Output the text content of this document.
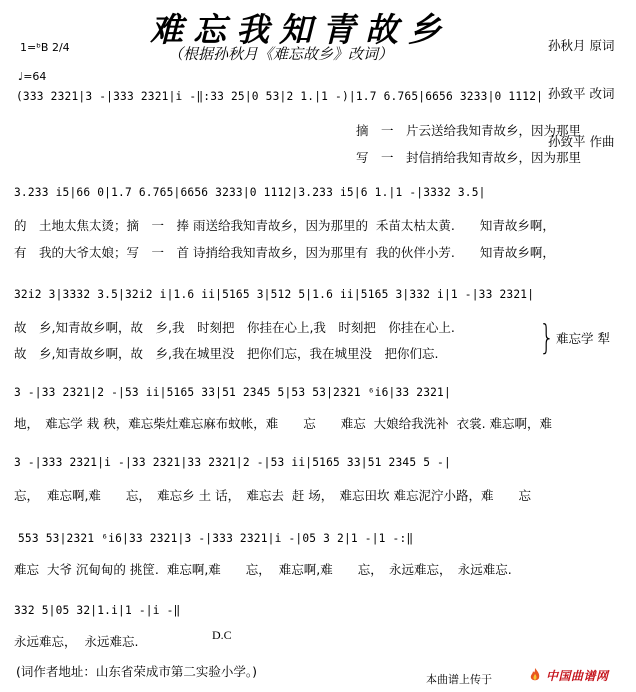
难忘我知青故乡
（根据孙秋月《难忘故乡》改词）

	孙秋月 原词

孙致平 改词

孙致平 作曲

1=ᵇB 2/4
♩=64
(333 2321|3 -|333 2321|i -‖:33 25|0 53|2 1.|1 -)|1.7 6.765|6656 3233|0 1112|
摘　一　片云送给我知青故乡，因为那里
写　一　封信捎给我知青故乡，因为那里
3.233 i5|66 0|1.7 6.765|6656 3233|0 1112|3.233 i5|6 1.|1 -|3332 3.5|
的　土地太焦太烫；摘　一　捧 雨送给我知青故乡，因为那里的  禾苗太枯太黄.　　知青故乡啊，
有　我的大爷太娘；写　一　首 诗捎给我知青故乡，因为那里有  我的伙伴小芳.　　知青故乡啊，
32i2 3|3332 3.5|32i2 i|1.6 ii|5165 3|512 5|1.6 ii|5165 3|332 i|1 -|33 2321|
故　乡,知青故乡啊，故　乡,我　时刻把　你挂在心上,我　时刻把　你挂在心上.
故　乡,知青故乡啊，故　乡,我在城里没　把你们忘，我在城里没　把你们忘.	} 难忘学 犁
3 -|33 2321|2 -|53 ii|5165 33|51 2345 5|53 53|2321 ⁶i6|33 2321|
地，　难忘学 栽 秧，难忘柴灶难忘麻布蚊帐，难　　忘　　难忘  大娘给我洗补  衣裳. 难忘啊，难
3 -|333 2321|i -|33 2321|33 2321|2 -|53 ii|5165 33|51 2345 5 -|
忘，  难忘啊,难　　忘，　难忘乡 土 话，　难忘去  赶 场，　难忘田坎 难忘泥泞小路，难　　忘
553 53|2321 ⁶i6|33 2321|3 -|333 2321|i -|05 3 2|1 -|1 -:‖
难忘  大爷 沉甸甸的 挑筐.  难忘啊,难　　忘，  难忘啊,难　　忘，　永远难忘，　永远难忘.
332 5|05 32|1.i|1 -|i -‖
永远难忘，  永远难忘.	D.C
(词作者地址：山东省荣成市第二实验小学。)
本曲谱上传于	中国曲谱网
